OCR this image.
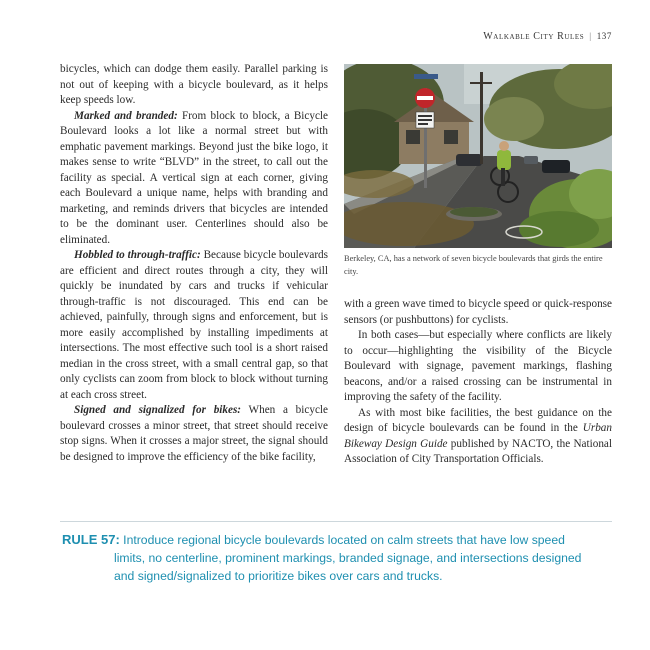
Walkable City Rules | 137

bicycles, which can dodge them easily. Parallel parking is not out of keeping with a bicycle boulevard, as it helps keep speeds low.

Marked and branded: From block to block, a Bicycle Boulevard looks a lot like a normal street but with emphatic pavement markings. Beyond just the bike logo, it makes sense to write “BLVD” in the street, to call out the facility as special. A vertical sign at each corner, giving each Boulevard a unique name, helps with branding and marketing, and reminds drivers that bicycles are intended to be the dominant user. Centerlines should also be eliminated.

Hobbled to through-traffic: Because bicycle boulevards are efficient and direct routes through a city, they will quickly be inundated by cars and trucks if vehicular through-traffic is not discouraged. This end can be achieved, painfully, through signs and enforcement, but is more easily accomplished by installing impediments at intersections. The most effective such tool is a short raised median in the cross street, with a small central gap, so that only cyclists can zoom from block to block without turning at each cross street.

Signed and signalized for bikes: When a bicycle boulevard crosses a minor street, that street should receive stop signs. When it crosses a major street, the signal should be designed to improve the efficiency of the bike facility,

Berkeley, CA, has a network of seven bicycle boulevards that girds the entire city.

with a green wave timed to bicycle speed or quick-response sensors (or pushbuttons) for cyclists.

In both cases—but especially where conflicts are likely to occur—highlighting the visibility of the Bicycle Boulevard with signage, pavement markings, flashing beacons, and/or a raised crossing can be instrumental in improving the safety of the facility.

As with most bike facilities, the best guidance on the design of bicycle boulevards can be found in the Urban Bikeway Design Guide published by NACTO, the National Association of City Transportation Officials.

RULE 57: Introduce regional bicycle boulevards located on calm streets that have low speed
limits, no centerline, prominent markings, branded signage, and intersections designed
and signed/signalized to prioritize bikes over cars and trucks.
